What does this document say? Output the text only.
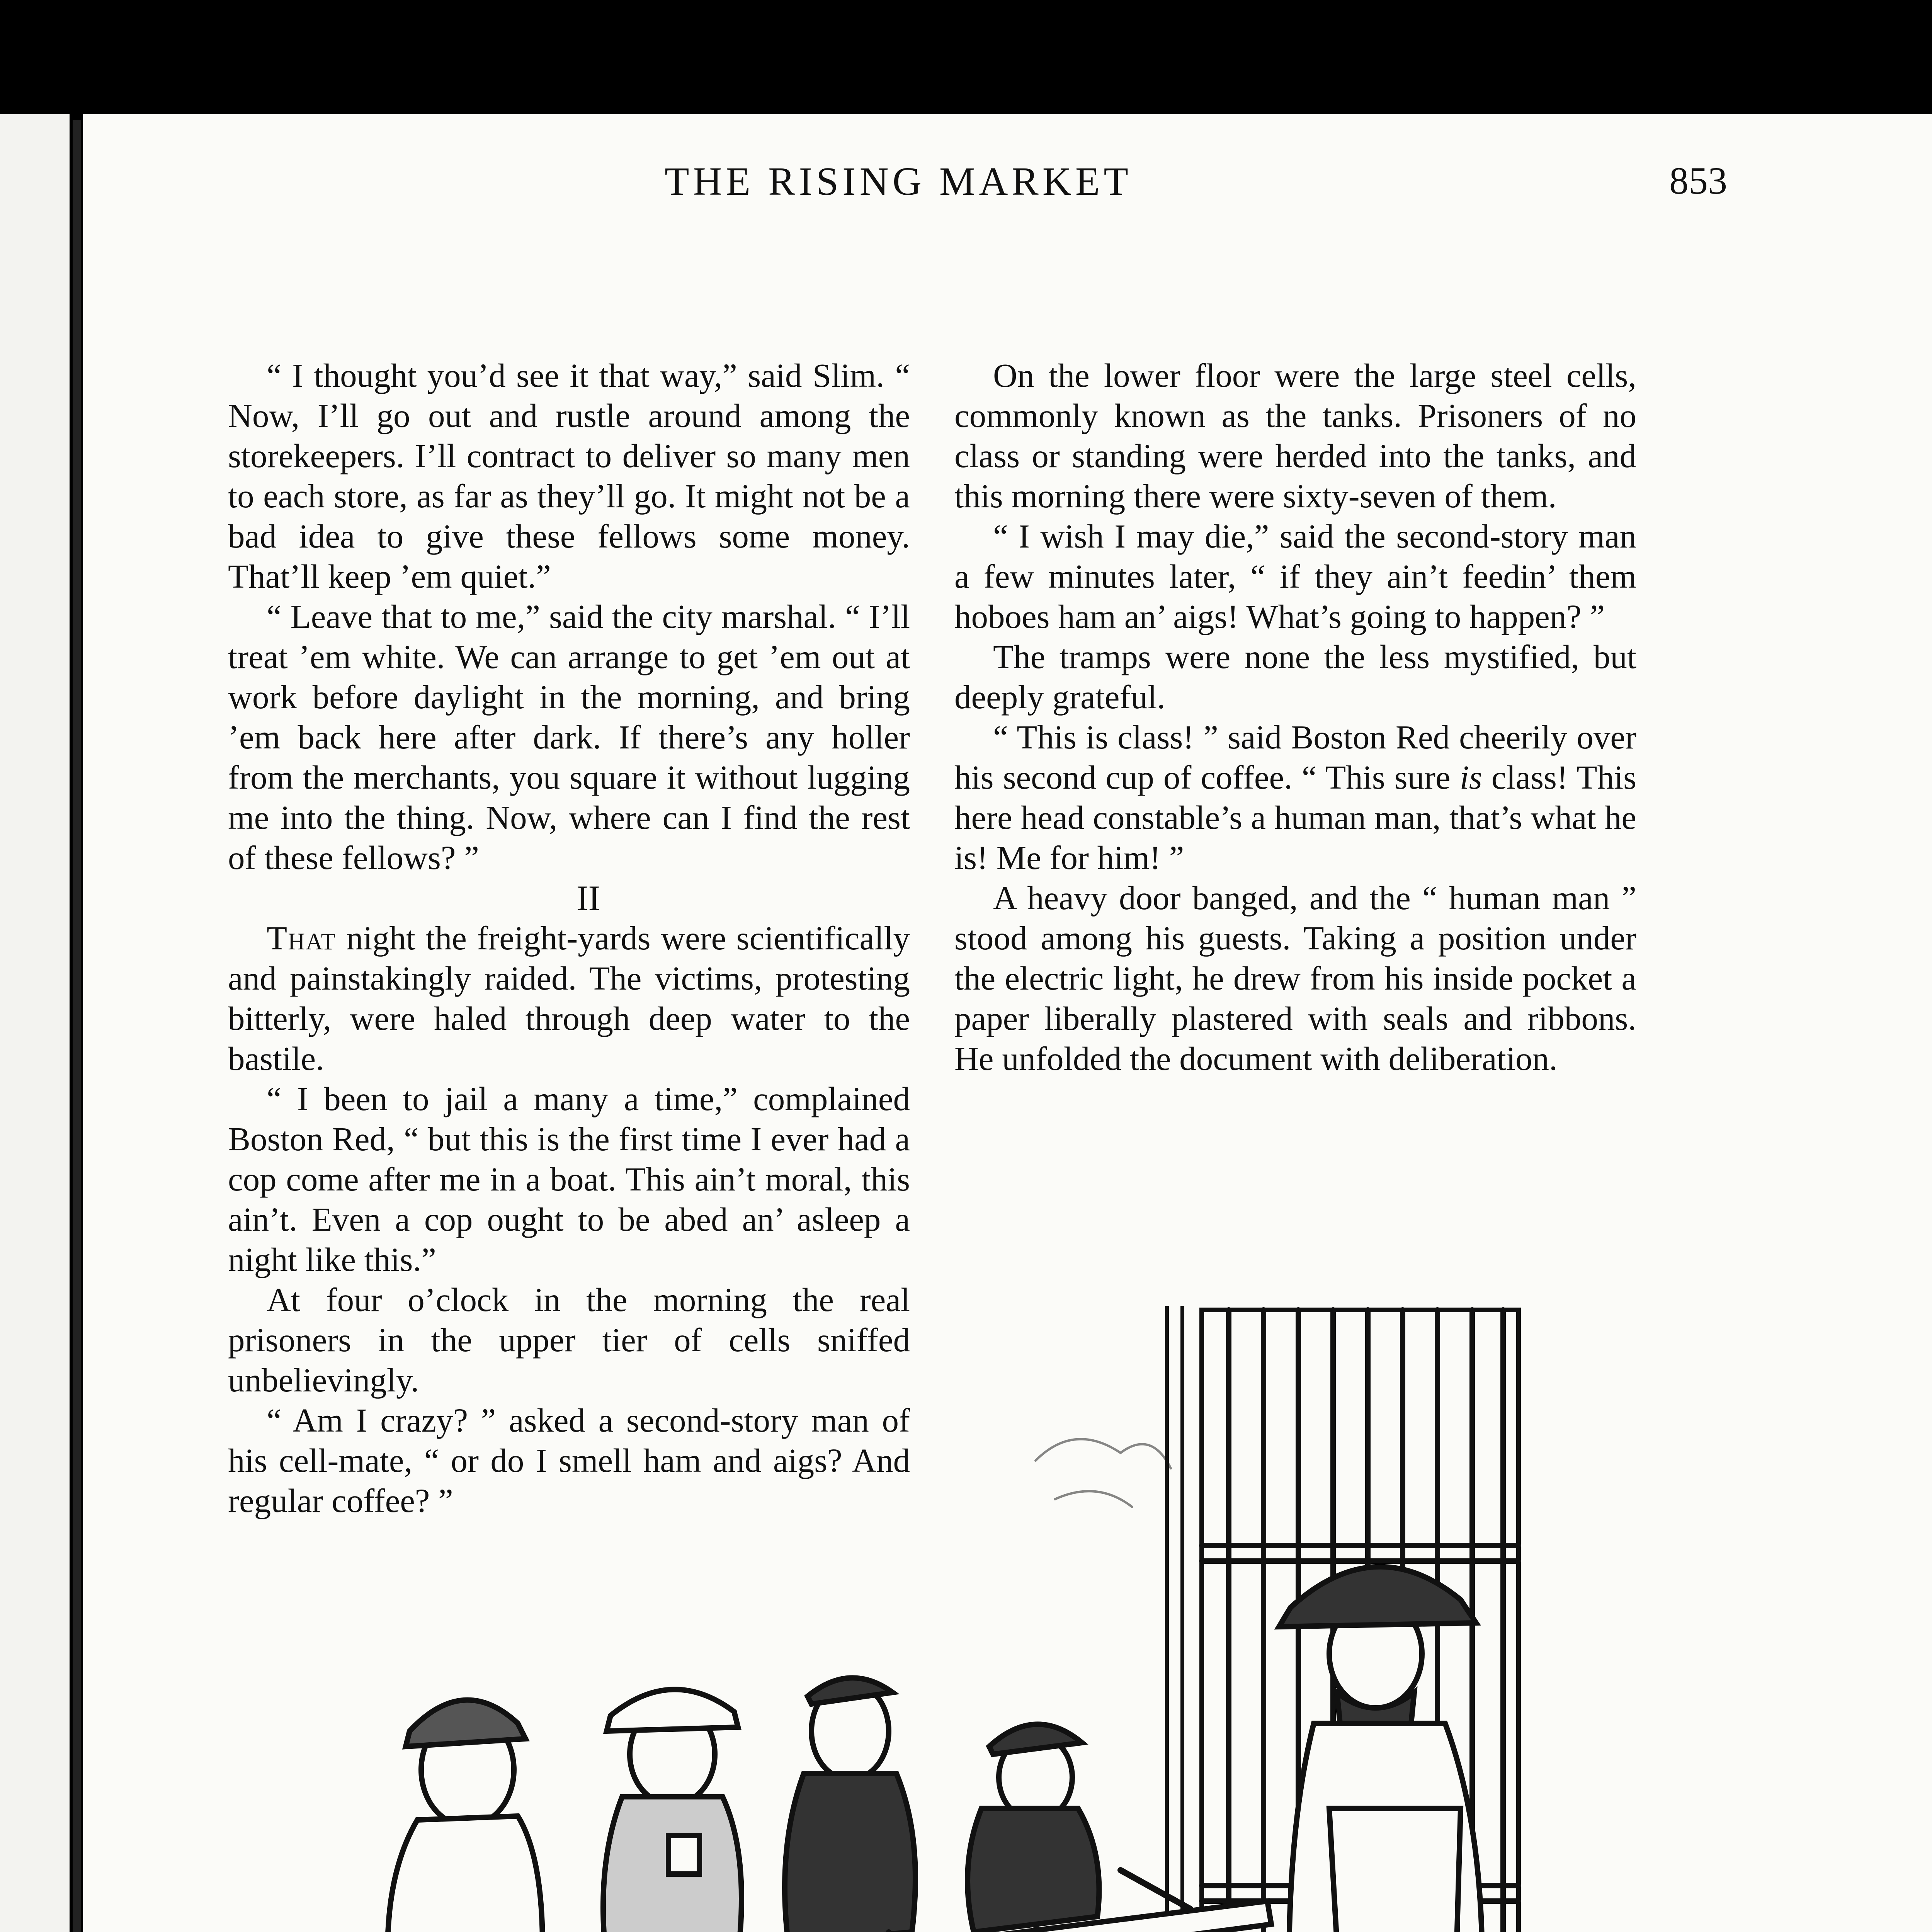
THE RISING MARKET	853

“ I thought you’d see it that way,” said Slim. “ Now, I’ll go out and rustle around among the storekeepers. I’ll contract to deliver so many men to each store, as far as they’ll go. It might not be a bad idea to give these fellows some money. That’ll keep ’em quiet.”

“ Leave that to me,” said the city marshal. “ I’ll treat ’em white. We can arrange to get ’em out at work before daylight in the morning, and bring ’em back here after dark. If there’s any holler from the merchants, you square it without lugging me into the thing. Now, where can I find the rest of these fellows? ”

II

That night the freight-yards were scientifically and painstakingly raided. The victims, protesting bitterly, were haled through deep water to the bastile.

“ I been to jail a many a time,” complained Boston Red, “ but this is the first time I ever had a cop come after me in a boat. This ain’t moral, this ain’t. Even a cop ought to be abed an’ asleep a night like this.”

At four o’clock in the morning the real prisoners in the upper tier of cells sniffed unbelievingly.

“ Am I crazy? ” asked a second-story man of his cell-mate, “ or do I smell ham and aigs? And regular coffee? ”

On the lower floor were the large steel cells, commonly known as the tanks. Prisoners of no class or standing were herded into the tanks, and this morning there were sixty-seven of them.

“ I wish I may die,” said the second-story man a few minutes later, “ if they ain’t feedin’ them hoboes ham an’ aigs! What’s going to happen? ”

The tramps were none the less mystified, but deeply grateful.

“ This is class! ” said Boston Red cheerily over his second cup of coffee. “ This sure is class! This here head constable’s a human man, that’s what he is! Me for him! ”

A heavy door banged, and the “ human man ” stood among his guests. Taking a position under the electric light, he drew from his inside pocket a paper liberally plastered with seals and ribbons. He unfolded the document with deliberation.
